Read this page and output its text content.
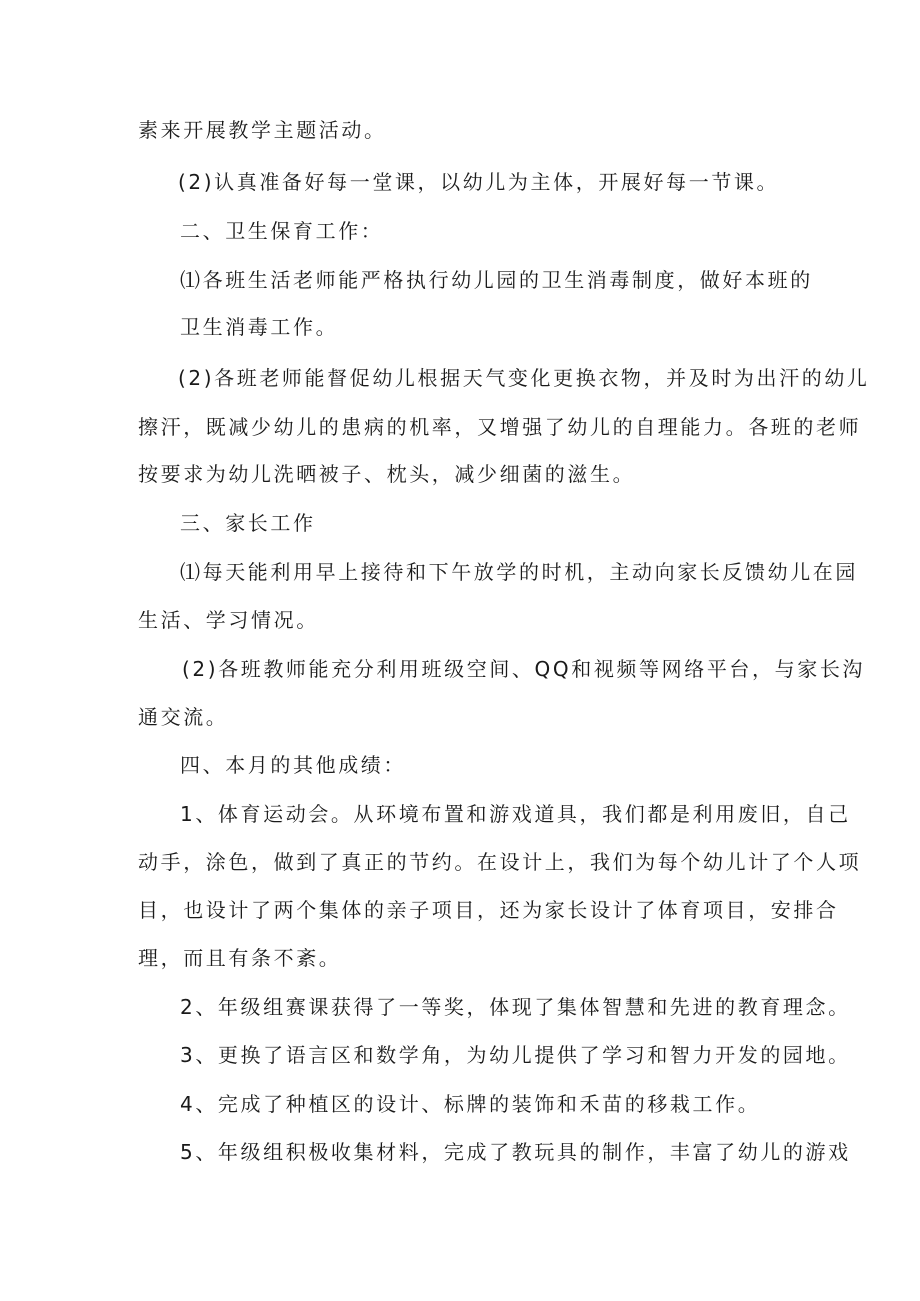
素来开展教学主题活动。

(2)认真准备好每一堂课，以幼儿为主体，开展好每一节课。

二、卫生保育工作：

⑴各班生活老师能严格执行幼儿园的卫生消毒制度，做好本班的

卫生消毒工作。

(2)各班老师能督促幼儿根据天气变化更换衣物，并及时为出汗的幼儿

擦汗，既减少幼儿的患病的机率，又增强了幼儿的自理能力。各班的老师

按要求为幼儿洗晒被子、枕头，减少细菌的滋生。

三、家长工作

⑴每天能利用早上接待和下午放学的时机，主动向家长反馈幼儿在园

生活、学习情况。

(2)各班教师能充分利用班级空间、QQ和视频等网络平台，与家长沟

通交流。

四、本月的其他成绩：

1、体育运动会。从环境布置和游戏道具，我们都是利用废旧，自己

动手，涂色，做到了真正的节约。在设计上，我们为每个幼儿计了个人项

目，也设计了两个集体的亲子项目，还为家长设计了体育项目，安排合

理，而且有条不紊。

2、年级组赛课获得了一等奖，体现了集体智慧和先进的教育理念。

3、更换了语言区和数学角，为幼儿提供了学习和智力开发的园地。

4、完成了种植区的设计、标牌的装饰和禾苗的移栽工作。

5、年级组积极收集材料，完成了教玩具的制作，丰富了幼儿的游戏
